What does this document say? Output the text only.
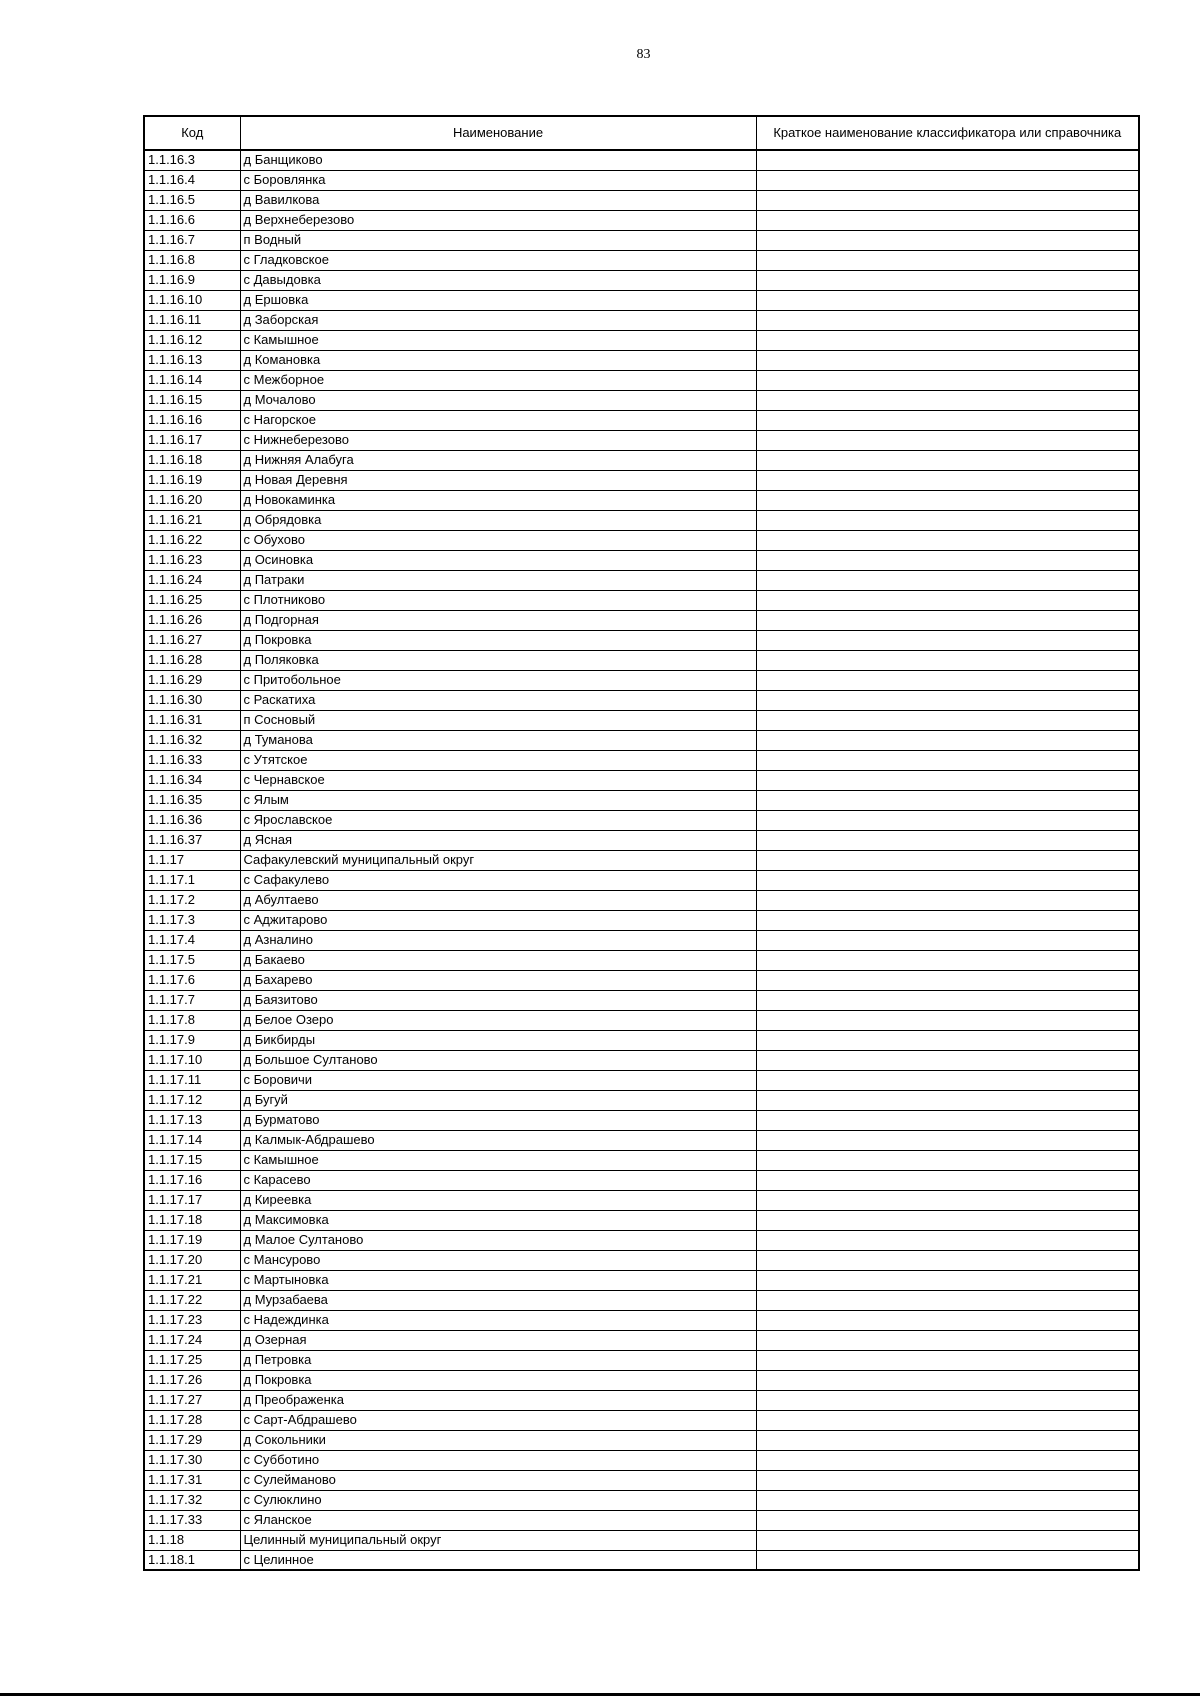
83
Код	Наименование	Краткое наименование классификатора или справочника
1.1.16.3	д Банщиково	
1.1.16.4	с Боровлянка	
1.1.16.5	д Вавилкова	
1.1.16.6	д Верхнеберезово	
1.1.16.7	п Водный	
1.1.16.8	с Гладковское	
1.1.16.9	с Давыдовка	
1.1.16.10	д Ершовка	
1.1.16.11	д Заборская	
1.1.16.12	с Камышное	
1.1.16.13	д Комановка	
1.1.16.14	с Межборное	
1.1.16.15	д Мочалово	
1.1.16.16	с Нагорское	
1.1.16.17	с Нижнеберезово	
1.1.16.18	д Нижняя Алабуга	
1.1.16.19	д Новая Деревня	
1.1.16.20	д Новокаминка	
1.1.16.21	д Обрядовка	
1.1.16.22	с Обухово	
1.1.16.23	д Осиновка	
1.1.16.24	д Патраки	
1.1.16.25	с Плотниково	
1.1.16.26	д Подгорная	
1.1.16.27	д Покровка	
1.1.16.28	д Поляковка	
1.1.16.29	с Притобольное	
1.1.16.30	с Раскатиха	
1.1.16.31	п Сосновый	
1.1.16.32	д Туманова	
1.1.16.33	с Утятское	
1.1.16.34	с Чернавское	
1.1.16.35	с Ялым	
1.1.16.36	с Ярославское	
1.1.16.37	д Ясная	
1.1.17	Сафакулевский муниципальный округ	
1.1.17.1	с Сафакулево	
1.1.17.2	д Абултаево	
1.1.17.3	с Аджитарово	
1.1.17.4	д Азналино	
1.1.17.5	д Бакаево	
1.1.17.6	д Бахарево	
1.1.17.7	д Баязитово	
1.1.17.8	д Белое Озеро	
1.1.17.9	д Бикбирды	
1.1.17.10	д Большое Султаново	
1.1.17.11	с Боровичи	
1.1.17.12	д Бугуй	
1.1.17.13	д Бурматово	
1.1.17.14	д Калмык-Абдрашево	
1.1.17.15	с Камышное	
1.1.17.16	с Карасево	
1.1.17.17	д Киреевка	
1.1.17.18	д Максимовка	
1.1.17.19	д Малое Султаново	
1.1.17.20	с Мансурово	
1.1.17.21	с Мартыновка	
1.1.17.22	д Мурзабаева	
1.1.17.23	с Надеждинка	
1.1.17.24	д Озерная	
1.1.17.25	д Петровка	
1.1.17.26	д Покровка	
1.1.17.27	д Преображенка	
1.1.17.28	с Сарт-Абдрашево	
1.1.17.29	д Сокольники	
1.1.17.30	с Субботино	
1.1.17.31	с Сулейманово	
1.1.17.32	с Сулюклино	
1.1.17.33	с Яланское	
1.1.18	Целинный муниципальный округ	
1.1.18.1	с Целинное	
